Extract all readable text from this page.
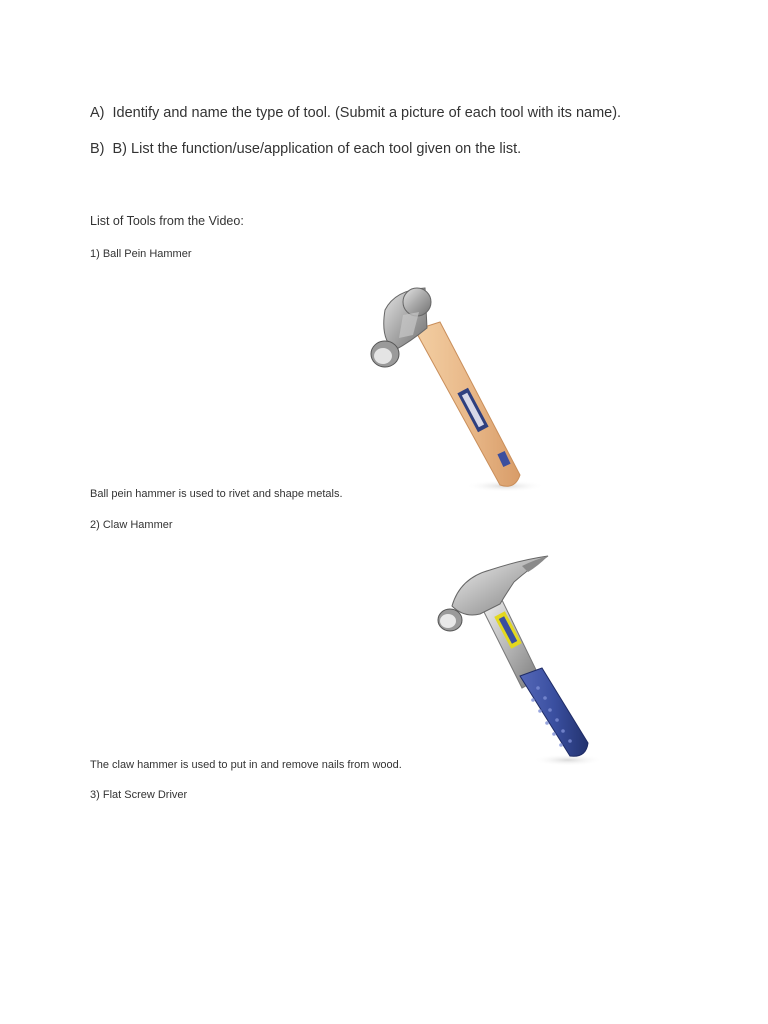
A) Identify and name the type of tool. (Submit a picture of each tool with its name).
B) B) List the function/use/application of each tool given on the list.
List of Tools from the Video:
1) Ball Pein Hammer
Ball pein hammer is used to rivet and shape metals.
2) Claw Hammer
The claw hammer is used to put in and remove nails from wood.
3) Flat Screw Driver
